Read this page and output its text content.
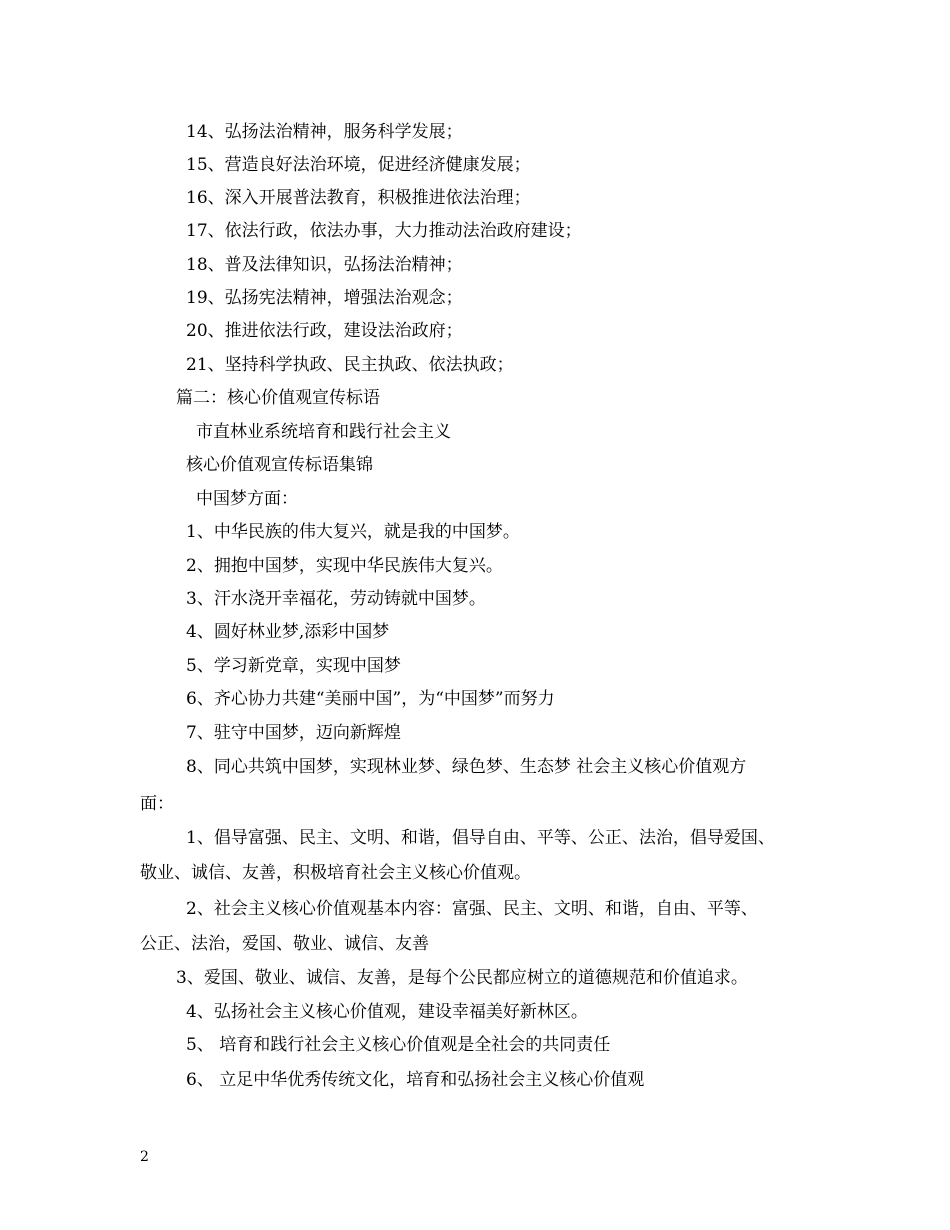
14、弘扬法治精神，服务科学发展；
15、营造良好法治环境，促进经济健康发展；
16、深入开展普法教育，积极推进依法治理；
17、依法行政，依法办事，大力推动法治政府建设；
18、普及法律知识，弘扬法治精神；
19、弘扬宪法精神，增强法治观念；
20、推进依法行政，建设法治政府；
21、坚持科学执政、民主执政、依法执政；
篇二：核心价值观宣传标语
市直林业系统培育和践行社会主义
核心价值观宣传标语集锦
中国梦方面：
1、中华民族的伟大复兴，就是我的中国梦。
2、拥抱中国梦，实现中华民族伟大复兴。
3、汗水浇开幸福花，劳动铸就中国梦。
4、圆好林业梦,添彩中国梦
5、学习新党章，实现中国梦
6、齐心协力共建“美丽中国”，为“中国梦”而努力
7、驻守中国梦，迈向新辉煌
8、同心共筑中国梦，实现林业梦、绿色梦、生态梦 社会主义核心价值观方
面：
1、倡导富强、民主、文明、和谐，倡导自由、平等、公正、法治，倡导爱国、
敬业、诚信、友善，积极培育社会主义核心价值观。
2、社会主义核心价值观基本内容：富强、民主、文明、和谐，自由、平等、
公正、法治，爱国、敬业、诚信、友善
3、爱国、敬业、诚信、友善，是每个公民都应树立的道德规范和价值追求。
4、弘扬社会主义核心价值观，建设幸福美好新林区。
5、 培育和践行社会主义核心价值观是全社会的共同责任
6、 立足中华优秀传统文化，培育和弘扬社会主义核心价值观
2
